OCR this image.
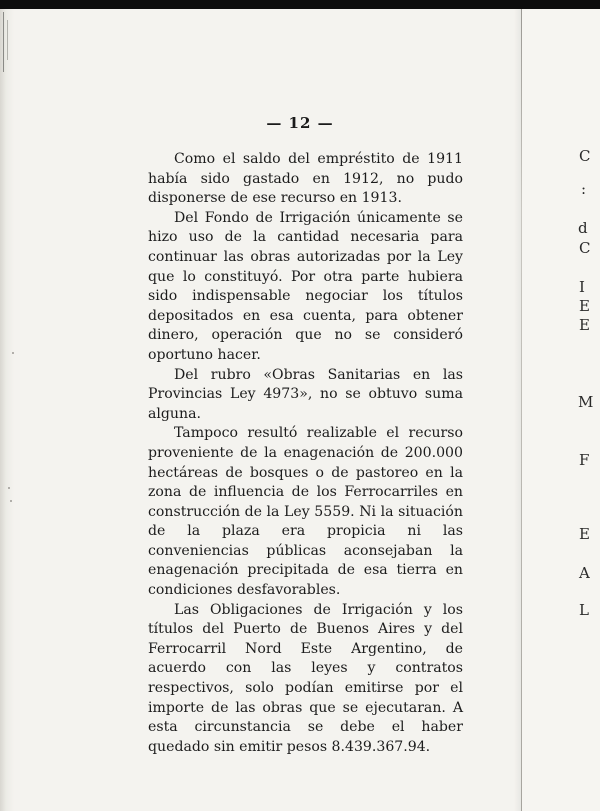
C
:
d
C
I
E
E
M
F
E
A
L
— 12 —

Como el saldo del empréstito de 1911 había sido gastado en 1912, no pudo disponerse de ese recurso en 1913.

Del Fondo de Irrigación únicamente se hizo uso de la cantidad necesaria para continuar las obras autorizadas por la Ley que lo constituyó. Por otra parte hubiera sido indispensable negociar los títulos depositados en esa cuenta, para obtener dinero, operación que no se consideró oportuno hacer.

Del rubro «Obras Sanitarias en las Provincias Ley 4973», no se obtuvo suma alguna.

Tampoco resultó realizable el recurso proveniente de la enagenación de 200.000 hectáreas de bosques o de pastoreo en la zona de influencia de los Ferrocarriles en construcción de la Ley 5559. Ni la situación de la plaza era propicia ni las conveniencias públicas aconsejaban la enagenación precipitada de esa tierra en condiciones desfavorables.

Las Obligaciones de Irrigación y los títulos del Puerto de Buenos Aires y del Ferrocarril Nord Este Argentino, de acuerdo con las leyes y contratos respectivos, solo podían emitirse por el importe de las obras que se ejecutaran. A esta circunstancia se debe el haber quedado sin emitir pesos 8.439.367.94.
